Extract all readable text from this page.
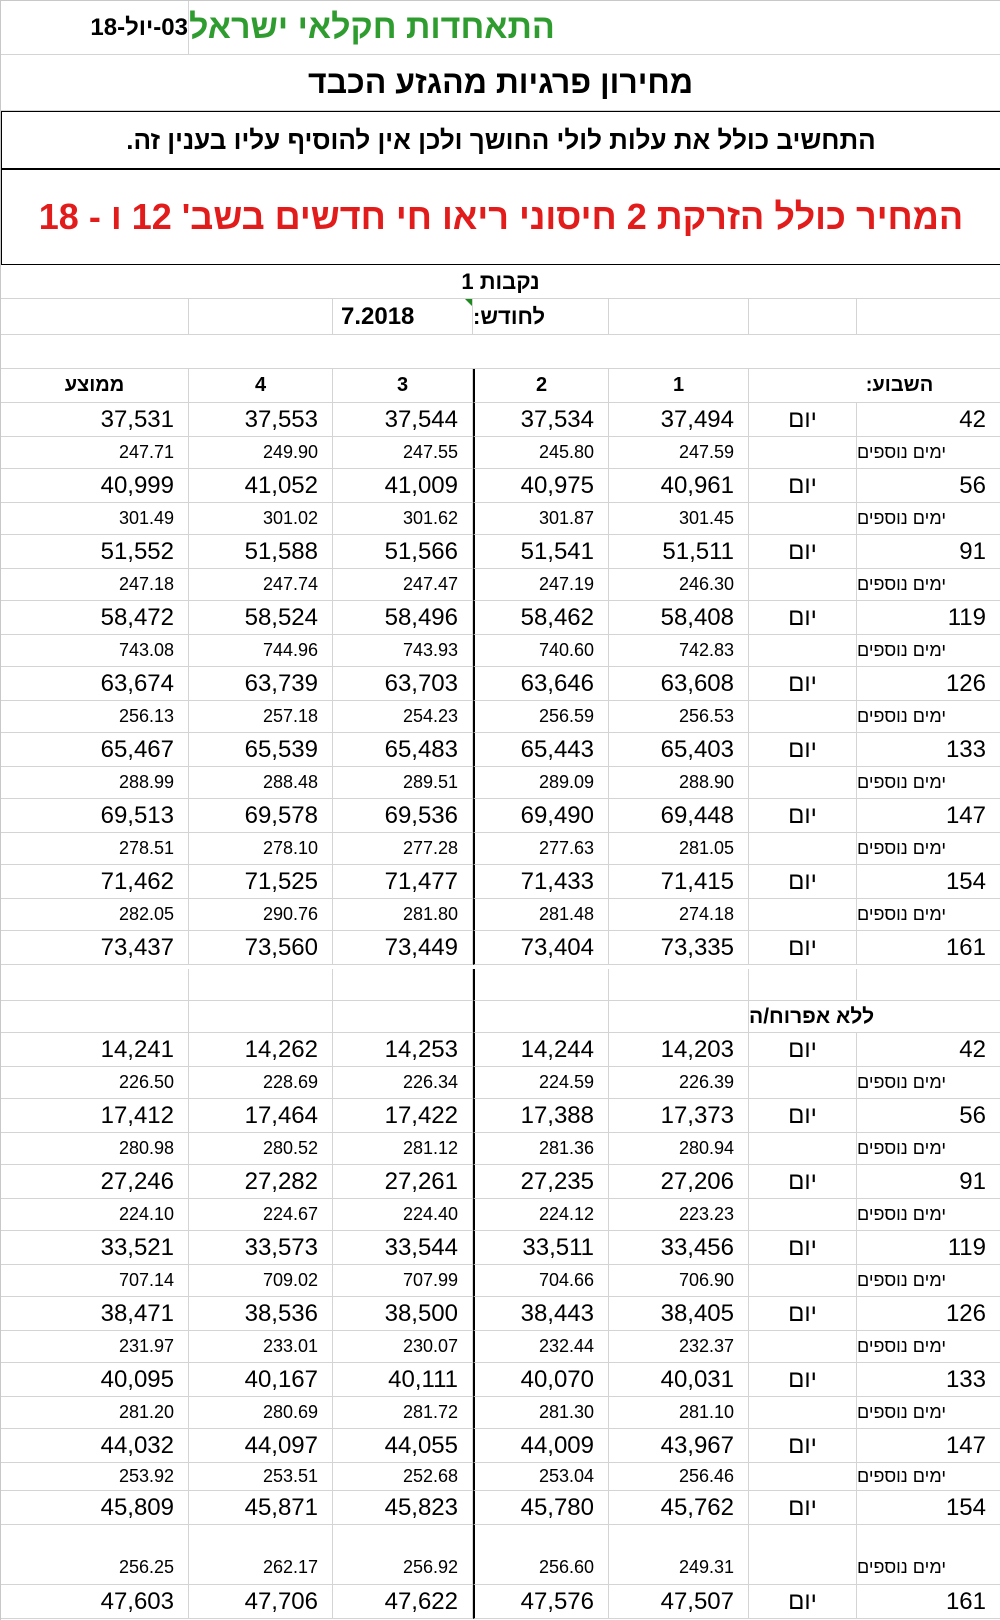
03-יול-18 התאחדות חקלאי ישראל
מחירון פרגיות מהגזע הכבד
התחשיב כולל את עלות לולי החושך ולכן אין להוסיף עליו בענין זה.
המחיר כולל הזרקת 2 חיסוני ריאו חי חדשים בשב' 12 ו - 18
נקבות 1
7.2018	לחודש:
ממוצע	4	3	2	1	השבוע:
37,531	37,553	37,544	37,534	37,494	יום	42
247.71	249.90	247.55	245.80	247.59	ימים נוספים
40,999	41,052	41,009	40,975	40,961	יום	56
301.49	301.02	301.62	301.87	301.45	ימים נוספים
51,552	51,588	51,566	51,541	51,511	יום	91
247.18	247.74	247.47	247.19	246.30	ימים נוספים
58,472	58,524	58,496	58,462	58,408	יום	119
743.08	744.96	743.93	740.60	742.83	ימים נוספים
63,674	63,739	63,703	63,646	63,608	יום	126
256.13	257.18	254.23	256.59	256.53	ימים נוספים
65,467	65,539	65,483	65,443	65,403	יום	133
288.99	288.48	289.51	289.09	288.90	ימים נוספים
69,513	69,578	69,536	69,490	69,448	יום	147
278.51	278.10	277.28	277.63	281.05	ימים נוספים
71,462	71,525	71,477	71,433	71,415	יום	154
282.05	290.76	281.80	281.48	274.18	ימים נוספים
73,437	73,560	73,449	73,404	73,335	יום	161
ללא אפרוח/ה
14,241	14,262	14,253	14,244	14,203	יום	42
226.50	228.69	226.34	224.59	226.39	ימים נוספים
17,412	17,464	17,422	17,388	17,373	יום	56
280.98	280.52	281.12	281.36	280.94	ימים נוספים
27,246	27,282	27,261	27,235	27,206	יום	91
224.10	224.67	224.40	224.12	223.23	ימים נוספים
33,521	33,573	33,544	33,511	33,456	יום	119
707.14	709.02	707.99	704.66	706.90	ימים נוספים
38,471	38,536	38,500	38,443	38,405	יום	126
231.97	233.01	230.07	232.44	232.37	ימים נוספים
40,095	40,167	40,111	40,070	40,031	יום	133
281.20	280.69	281.72	281.30	281.10	ימים נוספים
44,032	44,097	44,055	44,009	43,967	יום	147
253.92	253.51	252.68	253.04	256.46	ימים נוספים
45,809	45,871	45,823	45,780	45,762	יום	154
256.25	262.17	256.92	256.60	249.31	ימים נוספים
47,603	47,706	47,622	47,576	47,507	יום	161
